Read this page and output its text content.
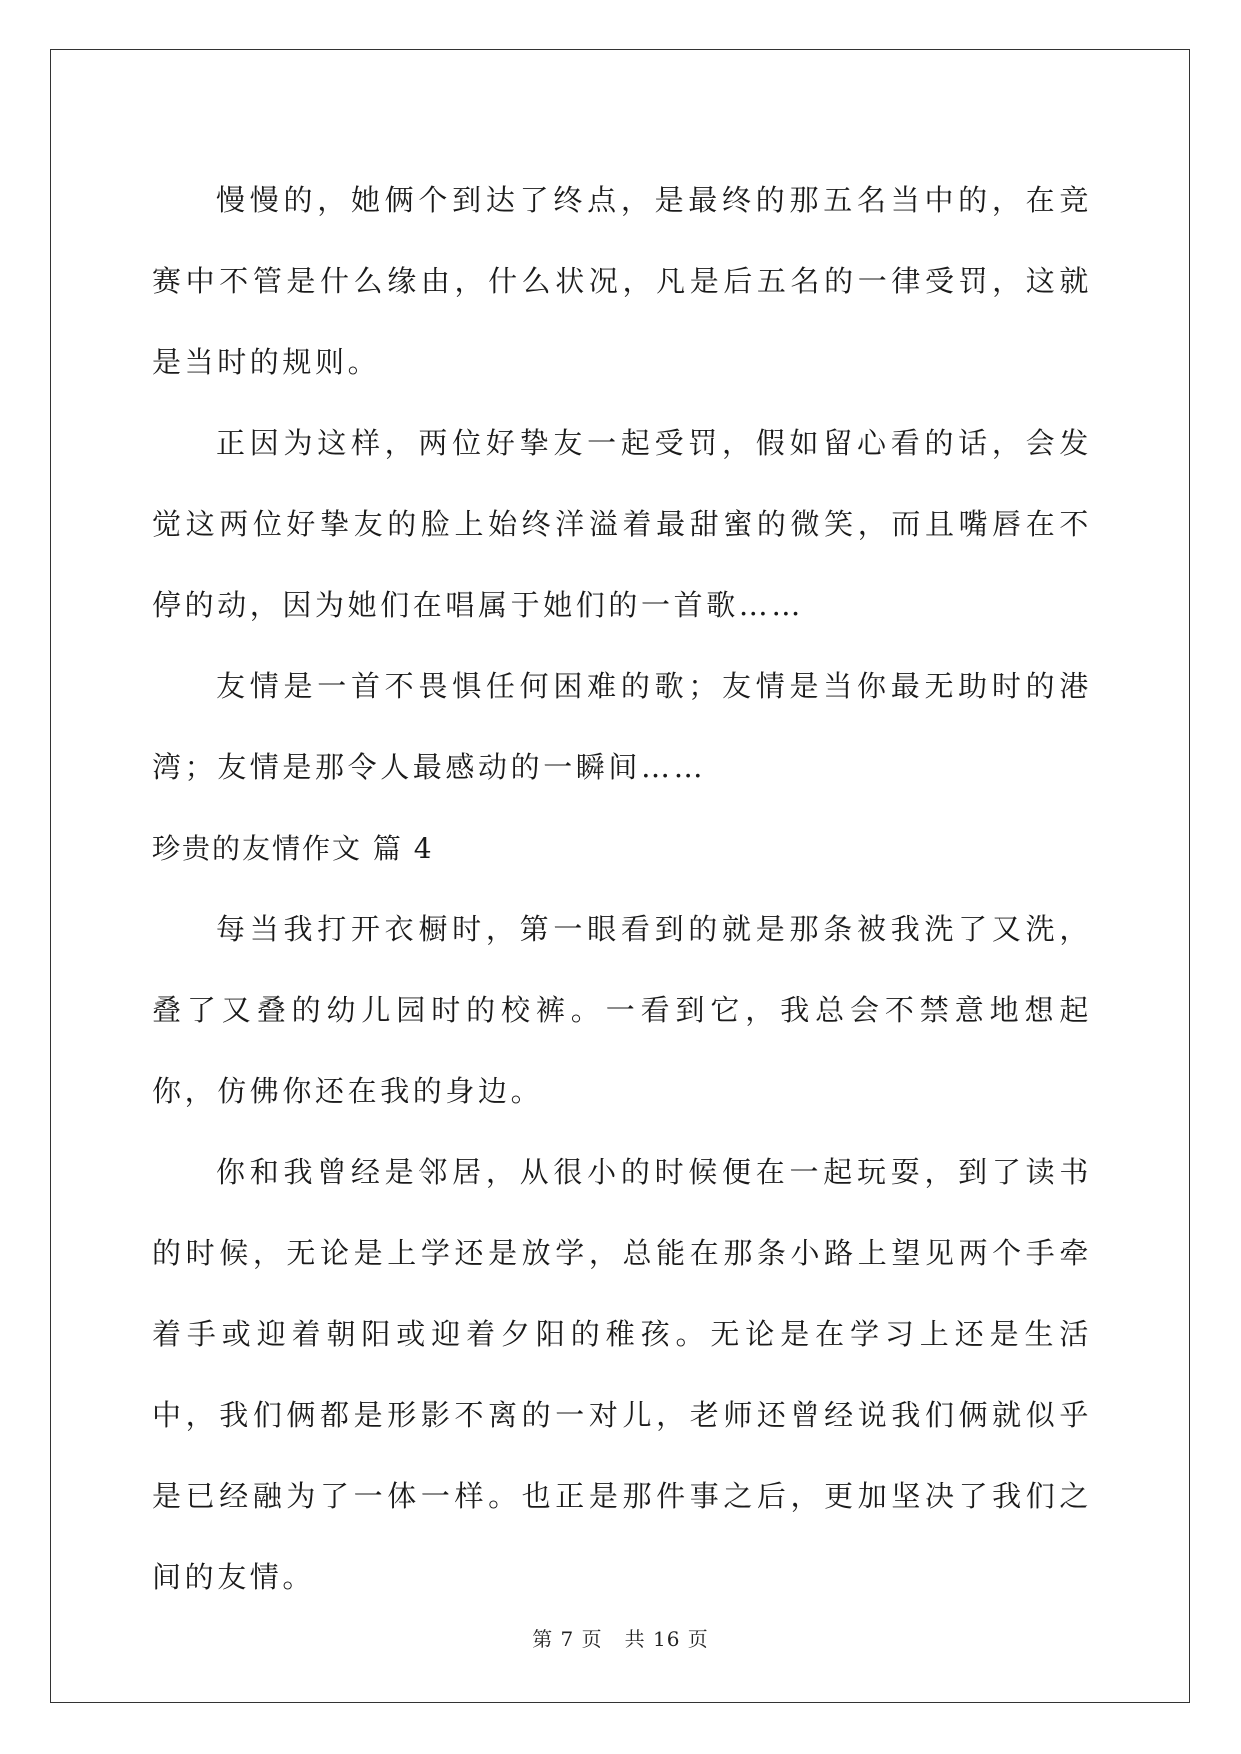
慢慢的，她俩个到达了终点，是最终的那五名当中的，在竞赛中不管是什么缘由，什么状况，凡是后五名的一律受罚，这就是当时的规则。

正因为这样，两位好挚友一起受罚，假如留心看的话，会发觉这两位好挚友的脸上始终洋溢着最甜蜜的微笑，而且嘴唇在不停的动，因为她们在唱属于她们的一首歌……

友情是一首不畏惧任何困难的歌；友情是当你最无助时的港湾；友情是那令人最感动的一瞬间……

珍贵的友情作文 篇 4

每当我打开衣橱时，第一眼看到的就是那条被我洗了又洗，叠了又叠的幼儿园时的校裤。一看到它，我总会不禁意地想起你，仿佛你还在我的身边。

你和我曾经是邻居，从很小的时候便在一起玩耍，到了读书的时候，无论是上学还是放学，总能在那条小路上望见两个手牵着手或迎着朝阳或迎着夕阳的稚孩。无论是在学习上还是生活中，我们俩都是形影不离的一对儿，老师还曾经说我们俩就似乎是已经融为了一体一样。也正是那件事之后，更加坚决了我们之间的友情。

第 7 页 共 16 页
